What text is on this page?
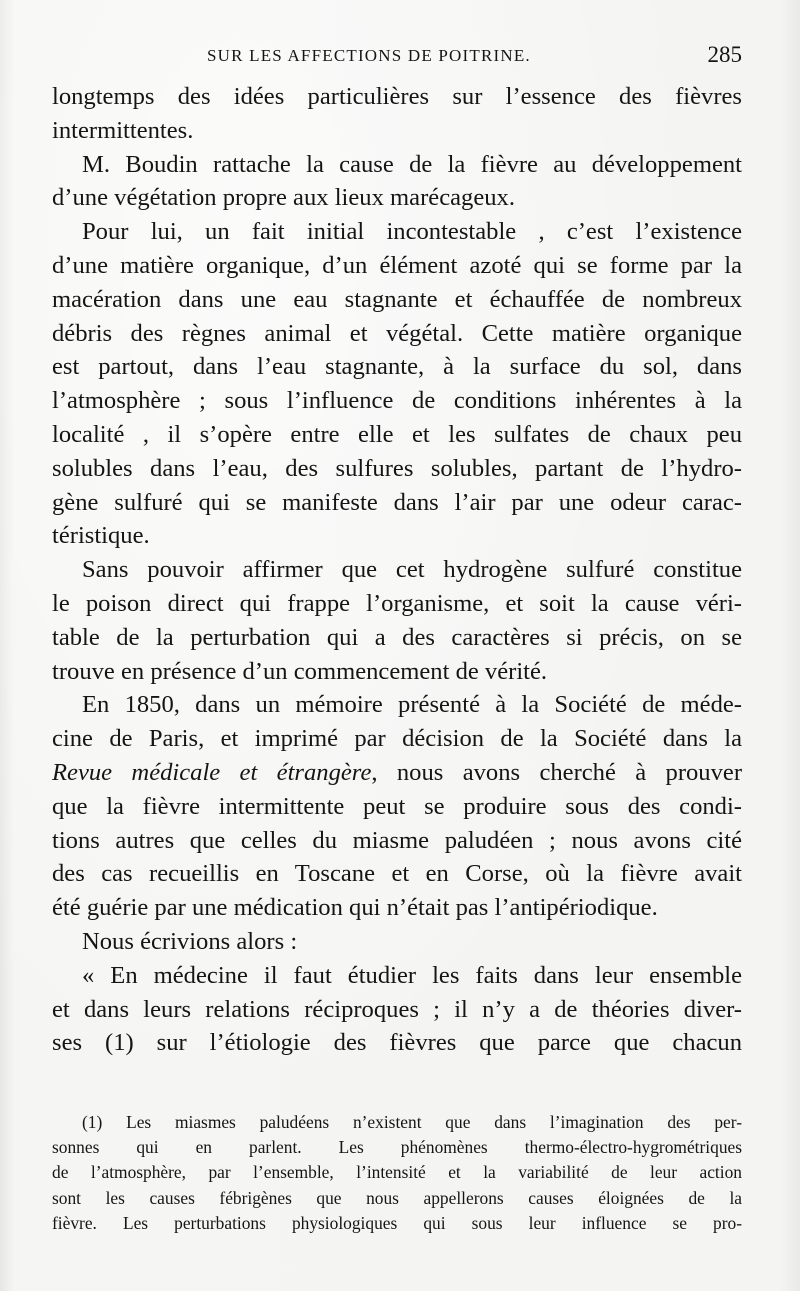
SUR LES AFFECTIONS DE POITRINE.	285
longtemps des idées particulières sur l’essence des fièvres
intermittentes.
M. Boudin rattache la cause de la fièvre au développement
d’une végétation propre aux lieux marécageux.
Pour lui, un fait initial incontestable , c’est l’existence
d’une matière organique, d’un élément azoté qui se forme par la
macération dans une eau stagnante et échauffée de nombreux
débris des règnes animal et végétal. Cette matière organique
est partout, dans l’eau stagnante, à la surface du sol, dans
l’atmosphère ; sous l’influence de conditions inhérentes à la
localité , il s’opère entre elle et les sulfates de chaux peu
solubles dans l’eau, des sulfures solubles, partant de l’hydro-
gène sulfuré qui se manifeste dans l’air par une odeur carac-
téristique.
Sans pouvoir affirmer que cet hydrogène sulfuré constitue
le poison direct qui frappe l’organisme, et soit la cause véri-
table de la perturbation qui a des caractères si précis, on se
trouve en présence d’un commencement de vérité.
En 1850, dans un mémoire présenté à la Société de méde-
cine de Paris, et imprimé par décision de la Société dans la
Revue médicale et étrangère, nous avons cherché à prouver
que la fièvre intermittente peut se produire sous des condi-
tions autres que celles du miasme paludéen ; nous avons cité
des cas recueillis en Toscane et en Corse, où la fièvre avait
été guérie par une médication qui n’était pas l’antipériodique.
Nous écrivions alors :
« En médecine il faut étudier les faits dans leur ensemble
et dans leurs relations réciproques ; il n’y a de théories diver-
ses (1) sur l’étiologie des fièvres que parce que chacun
(1) Les miasmes paludéens n’existent que dans l’imagination des per-
sonnes qui en parlent. Les phénomènes thermo-électro-hygrométriques
de l’atmosphère, par l’ensemble, l’intensité et la variabilité de leur action
sont les causes fébrigènes que nous appellerons causes éloignées de la
fièvre. Les perturbations physiologiques qui sous leur influence se pro-
